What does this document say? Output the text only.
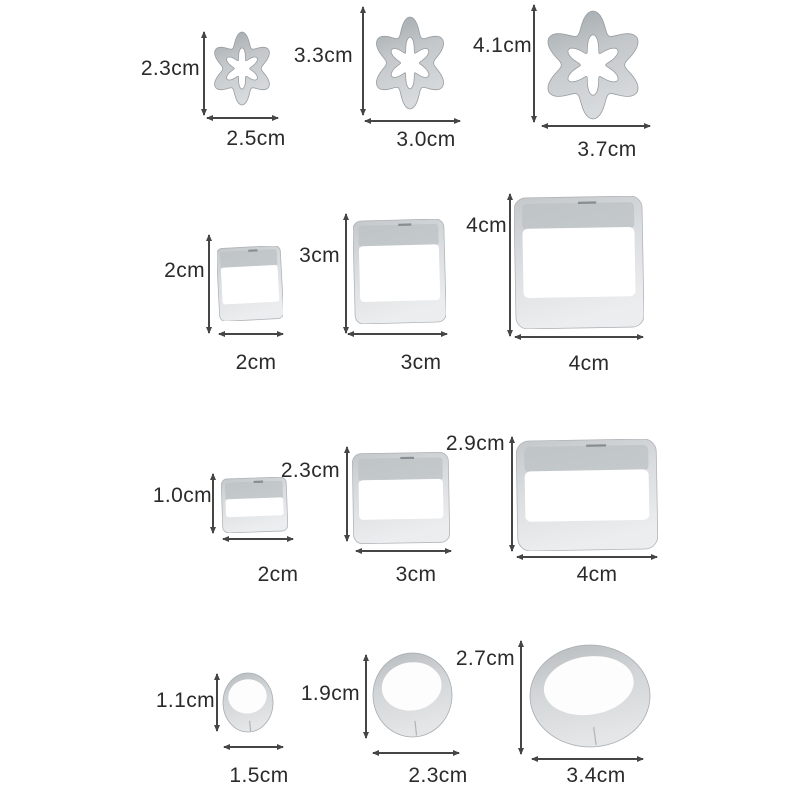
2.3cm
2.5cm
3.3cm
3.0cm
4.1cm
3.7cm
2cm
2cm
3cm
3cm
4cm
4cm
1.0cm
2cm
2.3cm
3cm
2.9cm
4cm
1.1cm
1.5cm
1.9cm
2.3cm
2.7cm
3.4cm
